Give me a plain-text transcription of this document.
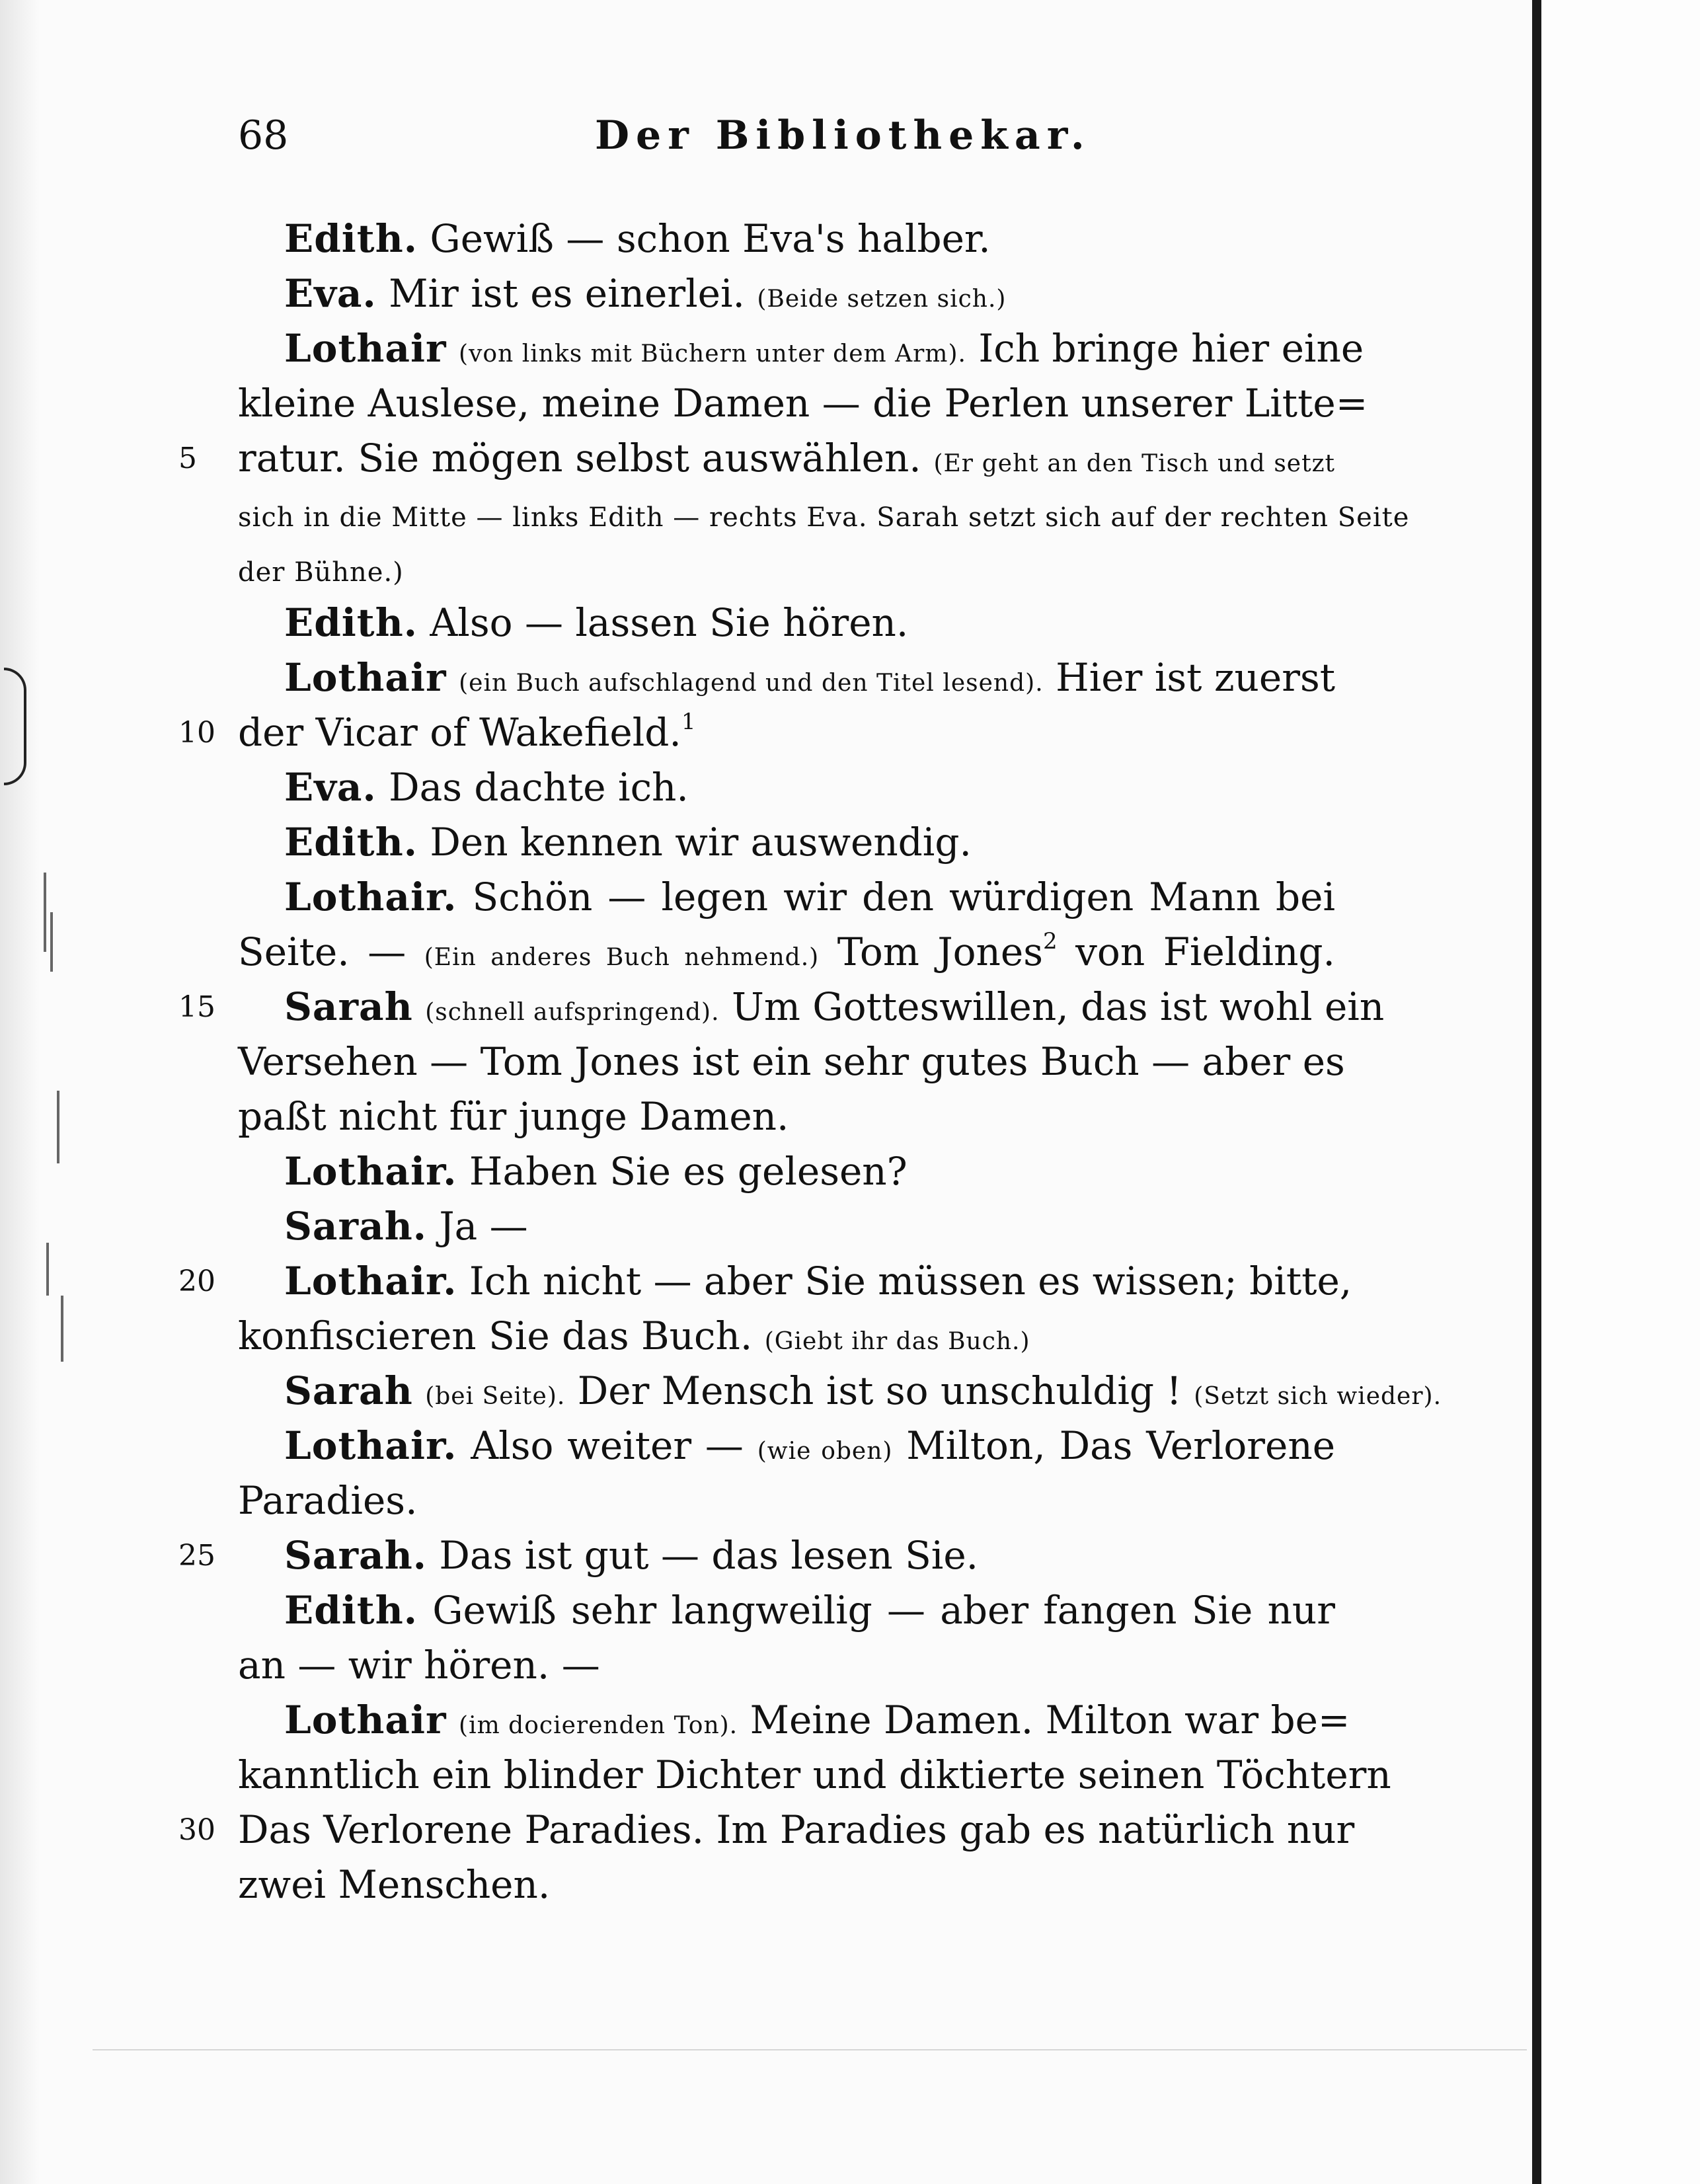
68	Der Bibliothekar.
Edith. Gewiß — schon Eva's halber.
Eva. Mir ist es einerlei. (Beide setzen sich.)
Lothair (von links mit Büchern unter dem Arm). Ich bringe hier eine
kleine Auslese, meine Damen — die Perlen unserer Litte=
5	ratur. Sie mögen selbst auswählen. (Er geht an den Tisch und setzt
sich in die Mitte — links Edith — rechts Eva. Sarah setzt sich auf der rechten Seite
der Bühne.)
Edith. Also — lassen Sie hören.
Lothair (ein Buch aufschlagend und den Titel lesend). Hier ist zuerst
10 der Vicar of Wakefield.$^1$
Eva. Das dachte ich.
Edith. Den kennen wir auswendig.
Lothair. Schön — legen wir den würdigen Mann bei
Seite. — (Ein anderes Buch nehmend.) Tom Jones$^2$ von Fielding.
15 Sarah (schnell aufspringend). Um Gotteswillen, das ist wohl ein
Versehen — Tom Jones ist ein sehr gutes Buch — aber es
paßt nicht für junge Damen.
Lothair. Haben Sie es gelesen?
Sarah. Ja —
20 Lothair. Ich nicht — aber Sie müssen es wissen; bitte,
konfiscieren Sie das Buch. (Giebt ihr das Buch.)
Sarah (bei Seite). Der Mensch ist so unschuldig ! (Setzt sich wieder).
Lothair. Also weiter — (wie oben) Milton, Das Verlorene
Paradies.
25 Sarah. Das ist gut — das lesen Sie.
Edith. Gewiß sehr langweilig — aber fangen Sie nur
an — wir hören. —
Lothair (im docierenden Ton). Meine Damen. Milton war be=
kanntlich ein blinder Dichter und diktierte seinen Töchtern
30 Das Verlorene Paradies. Im Paradies gab es natürlich nur
zwei Menschen.
